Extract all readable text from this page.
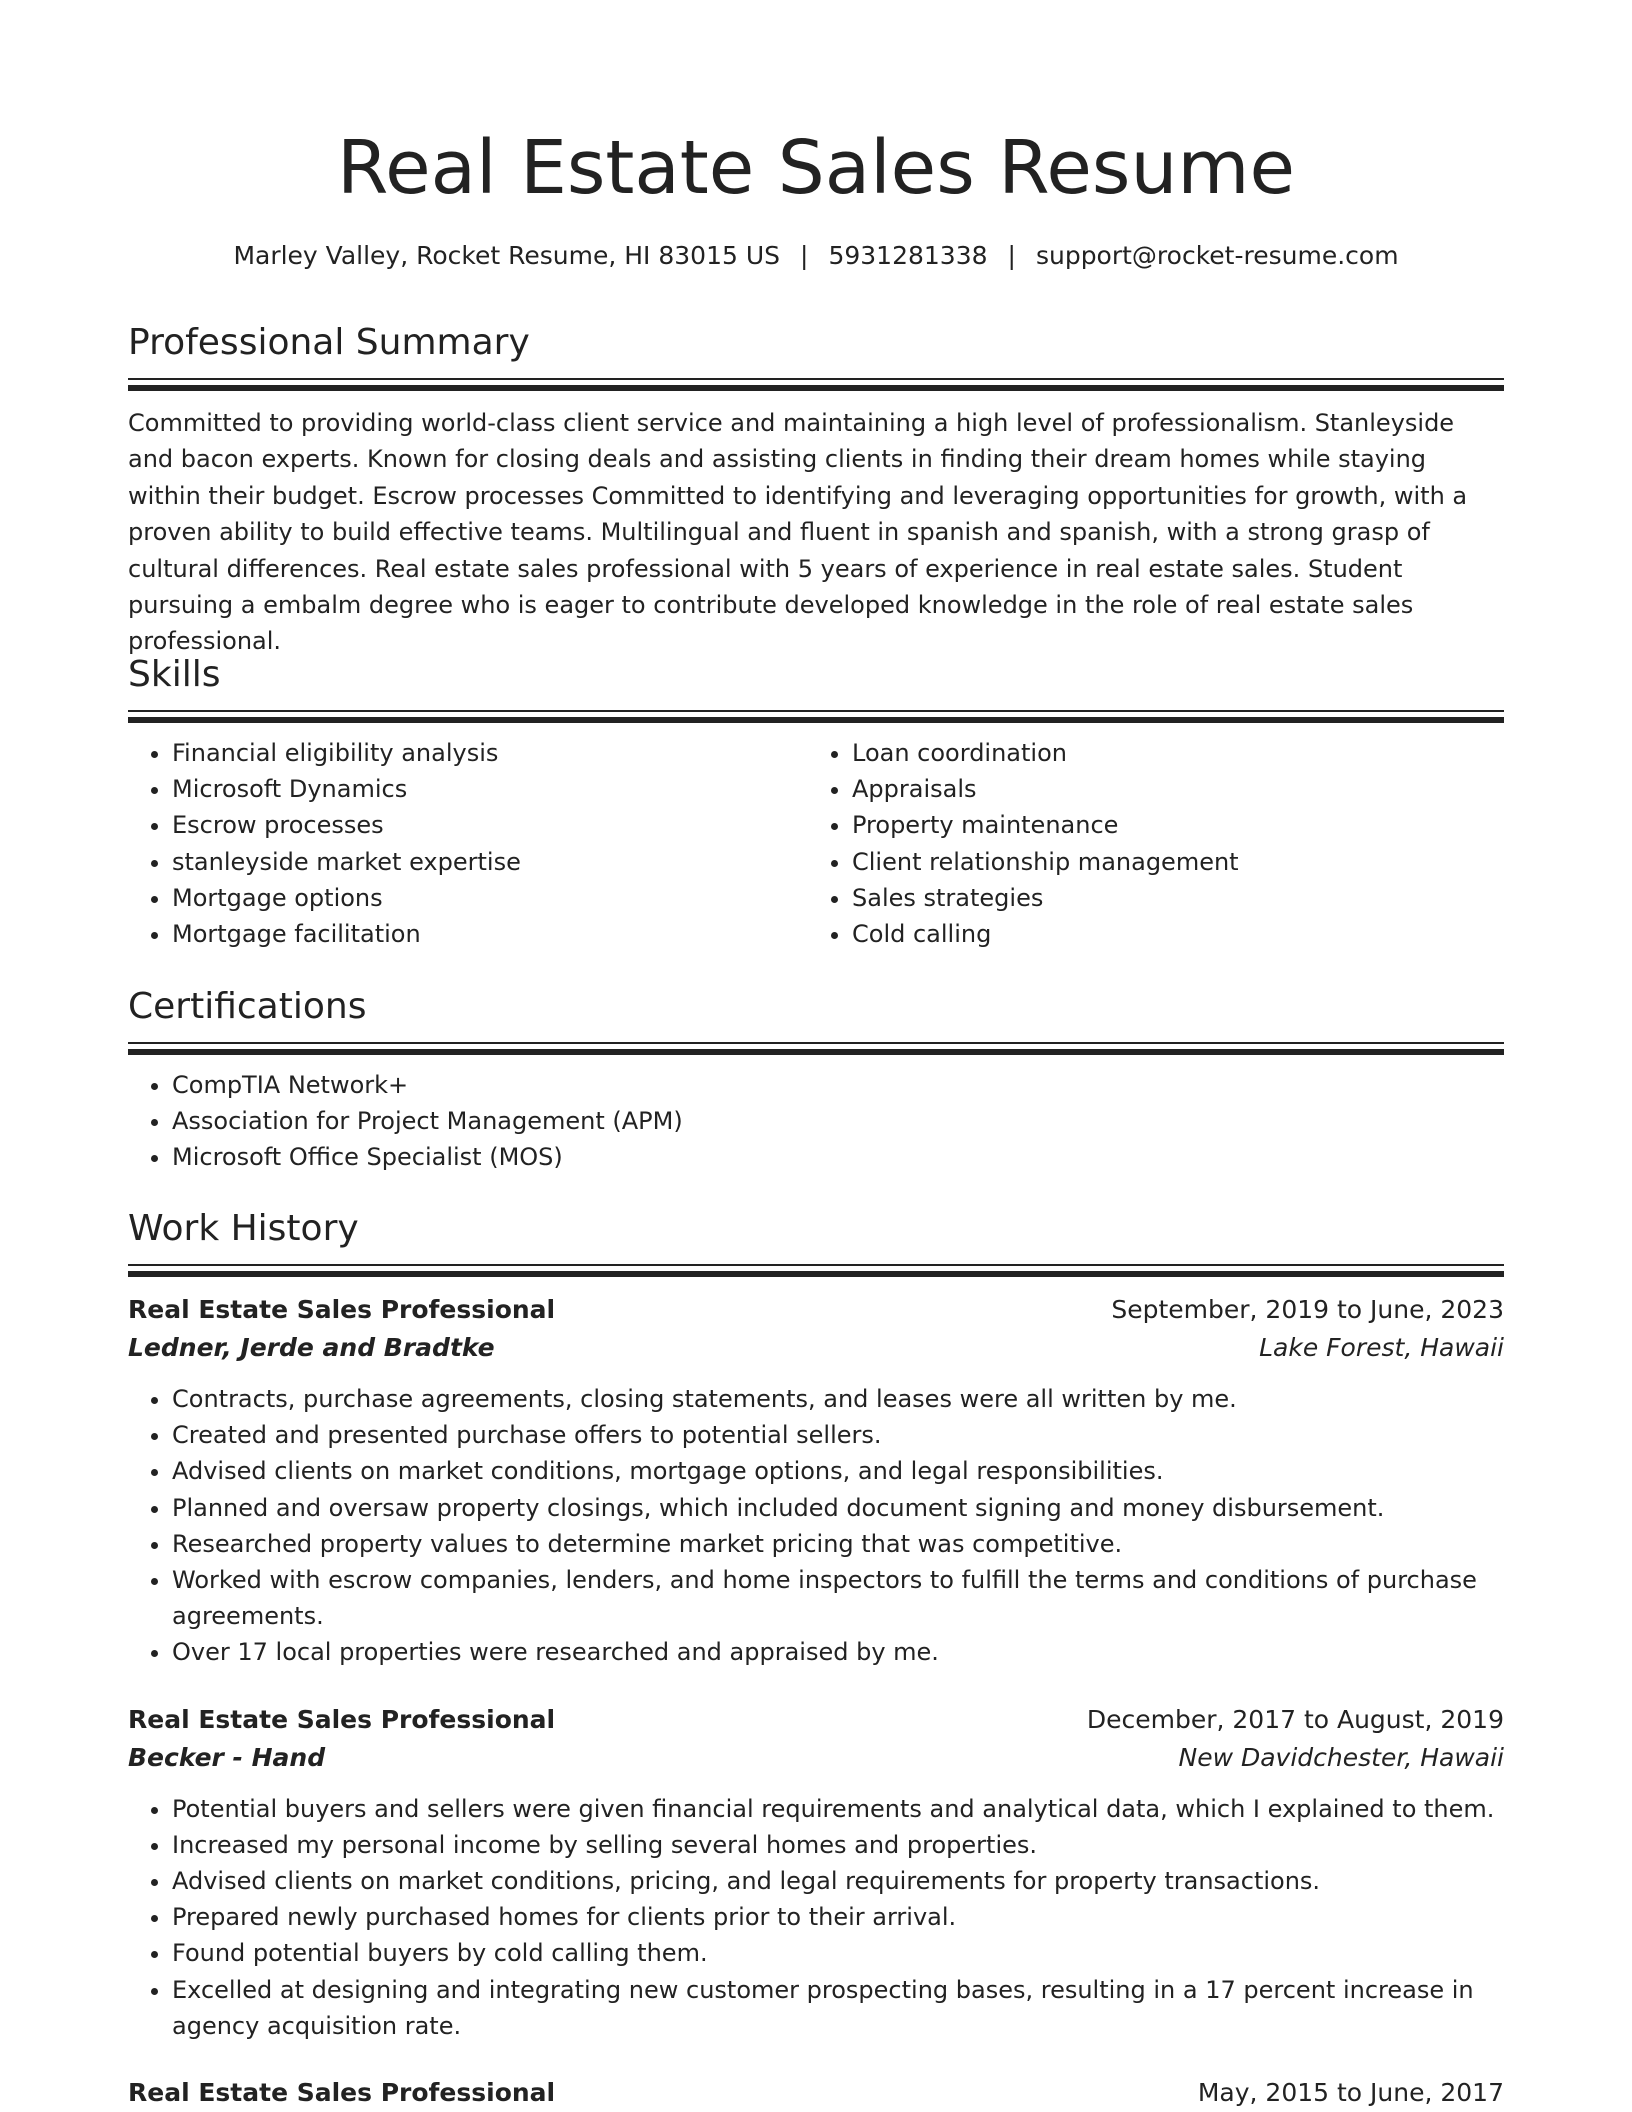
Real Estate Sales Resume
Marley Valley, Rocket Resume, HI 83015 US | 5931281338 | support@rocket-resume.com
Professional Summary

Committed to providing world-class client service and maintaining a high level of professionalism. Stanleyside and bacon experts. Known for closing deals and assisting clients in finding their dream homes while staying within their budget. Escrow processes Committed to identifying and leveraging opportunities for growth, with a proven ability to build effective teams. Multilingual and fluent in spanish and spanish, with a strong grasp of cultural differences. Real estate sales professional with 5 years of experience in real estate sales. Student pursuing a embalm degree who is eager to contribute developed knowledge in the role of real estate sales professional.

Skills
• Financial eligibility analysis
• Microsoft Dynamics
• Escrow processes
• stanleyside market expertise
• Mortgage options
• Mortgage facilitation
• Loan coordination
• Appraisals
• Property maintenance
• Client relationship management
• Sales strategies
• Cold calling
Certifications
• CompTIA Network+
• Association for Project Management (APM)
• Microsoft Office Specialist (MOS)
Work History
Real Estate Sales Professional	September, 2019 to June, 2023
Ledner, Jerde and Bradtke	Lake Forest, Hawaii
• Contracts, purchase agreements, closing statements, and leases were all written by me.
• Created and presented purchase offers to potential sellers.
• Advised clients on market conditions, mortgage options, and legal responsibilities.
• Planned and oversaw property closings, which included document signing and money disbursement.
• Researched property values to determine market pricing that was competitive.
• Worked with escrow companies, lenders, and home inspectors to fulfill the terms and conditions of purchase agreements.
• Over 17 local properties were researched and appraised by me.
Real Estate Sales Professional	December, 2017 to August, 2019
Becker - Hand	New Davidchester, Hawaii
• Potential buyers and sellers were given financial requirements and analytical data, which I explained to them.
• Increased my personal income by selling several homes and properties.
• Advised clients on market conditions, pricing, and legal requirements for property transactions.
• Prepared newly purchased homes for clients prior to their arrival.
• Found potential buyers by cold calling them.
• Excelled at designing and integrating new customer prospecting bases, resulting in a 17 percent increase in agency acquisition rate.
Real Estate Sales Professional	May, 2015 to June, 2017
